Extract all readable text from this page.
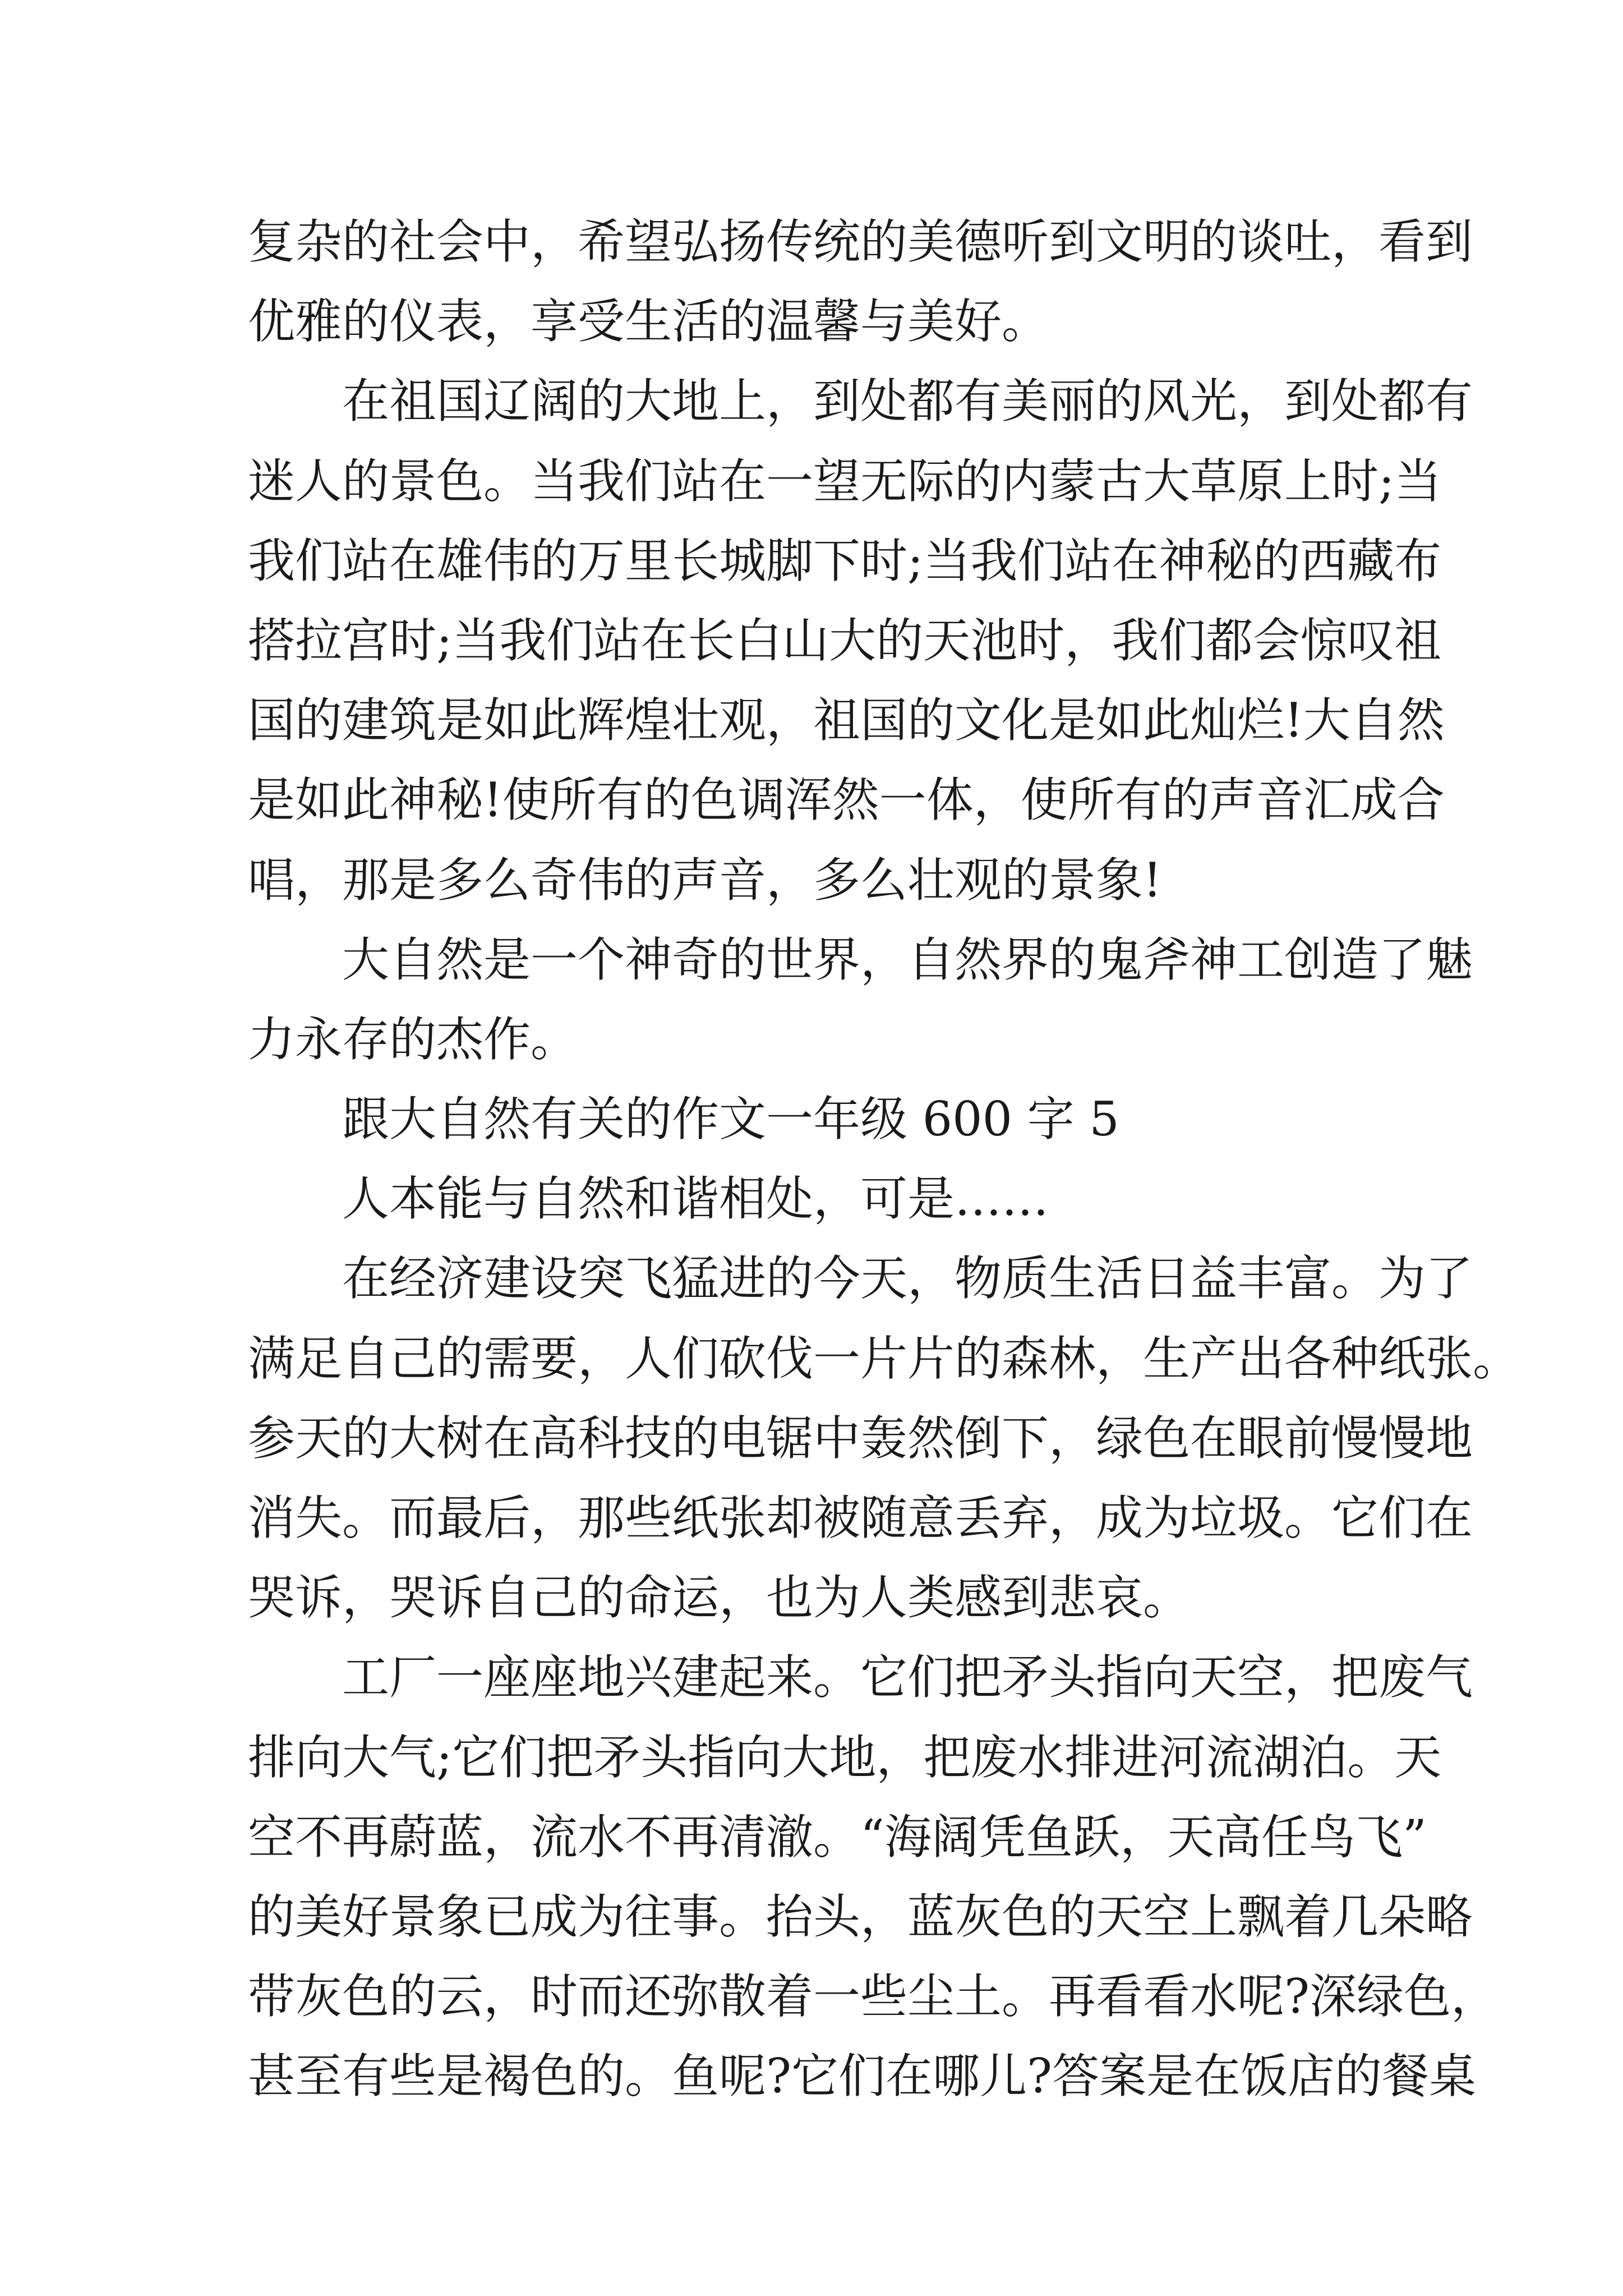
复杂的社会中，希望弘扬传统的美德听到文明的谈吐，看到
优雅的仪表，享受生活的温馨与美好。
在祖国辽阔的大地上，到处都有美丽的风光，到处都有
迷人的景色。当我们站在一望无际的内蒙古大草原上时;当
我们站在雄伟的万里长城脚下时;当我们站在神秘的西藏布
搭拉宫时;当我们站在长白山大的天池时，我们都会惊叹祖
国的建筑是如此辉煌壮观，祖国的文化是如此灿烂!大自然
是如此神秘!使所有的色调浑然一体，使所有的声音汇成合
唱，那是多么奇伟的声音，多么壮观的景象!
大自然是一个神奇的世界，自然界的鬼斧神工创造了魅
力永存的杰作。
跟大自然有关的作文一年级 600 字 5
人本能与自然和谐相处，可是……
在经济建设突飞猛进的今天，物质生活日益丰富。为了
满足自己的需要，人们砍伐一片片的森林，生产出各种纸张。
参天的大树在高科技的电锯中轰然倒下，绿色在眼前慢慢地
消失。而最后，那些纸张却被随意丢弃，成为垃圾。它们在
哭诉，哭诉自己的命运，也为人类感到悲哀。
工厂一座座地兴建起来。它们把矛头指向天空，把废气
排向大气;它们把矛头指向大地，把废水排进河流湖泊。天
空不再蔚蓝，流水不再清澈。“海阔凭鱼跃，天高任鸟飞”
的美好景象已成为往事。抬头，蓝灰色的天空上飘着几朵略
带灰色的云，时而还弥散着一些尘土。再看看水呢?深绿色，
甚至有些是褐色的。鱼呢?它们在哪儿?答案是在饭店的餐桌
